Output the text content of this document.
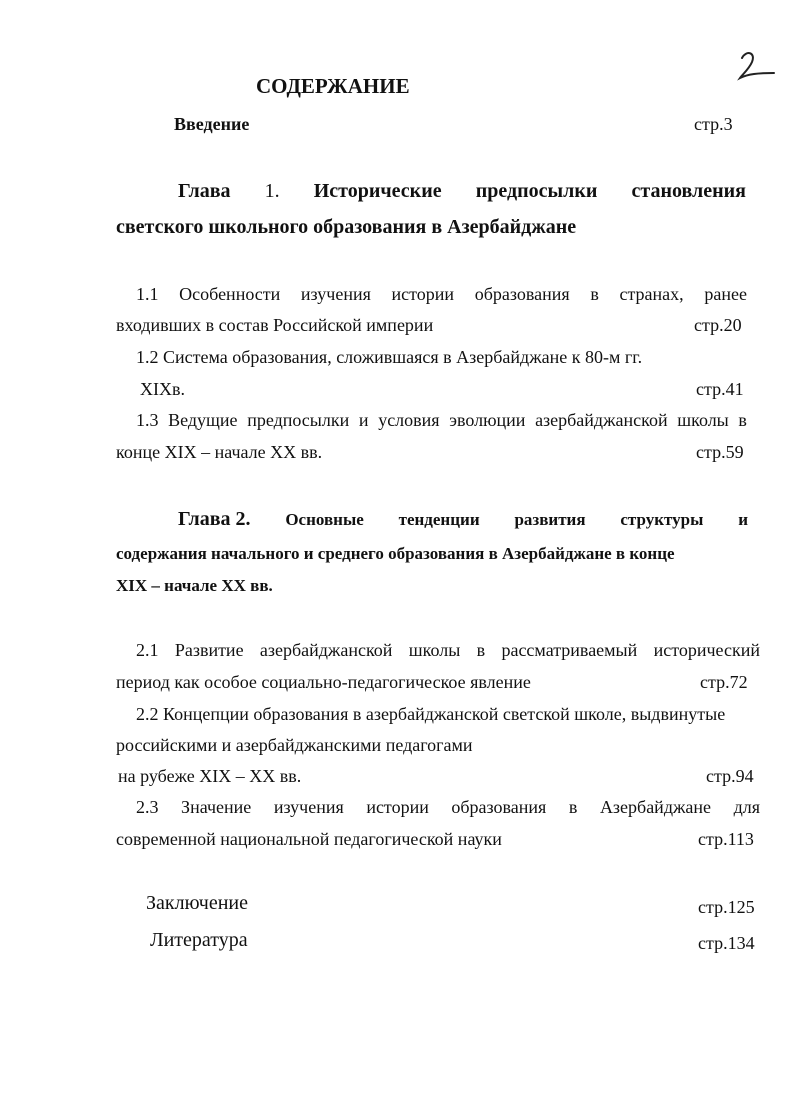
СОДЕРЖАНИЕ
Введение	стр.3
Глава 1. Исторические предпосылки становления
светского школьного образования в Азербайджане
1.1 Особенности изучения истории образования в странах, ранее
входивших в состав Российской империи	стр.20
1.2 Система образования, сложившаяся в Азербайджане к 80-м гг.
XIXв.	стр.41
1.3 Ведущие предпосылки и условия эволюции азербайджанской школы в
конце XIX – начале XX вв.	стр.59
Глава 2. Основные тенденции развития структуры и
содержания начального и среднего образования в Азербайджане в конце
XIX – начале XX вв.
2.1 Развитие азербайджанской школы в рассматриваемый исторический
период как особое социально-педагогическое явление	стр.72
2.2 Концепции образования в азербайджанской светской школе, выдвинутые
российскими и азербайджанскими педагогами
на рубеже XIX – XX вв.	стр.94
2.3 Значение изучения истории образования в Азербайджане для
современной национальной педагогической науки	стр.113
Заключение	стр.125
Литература	стр.134
